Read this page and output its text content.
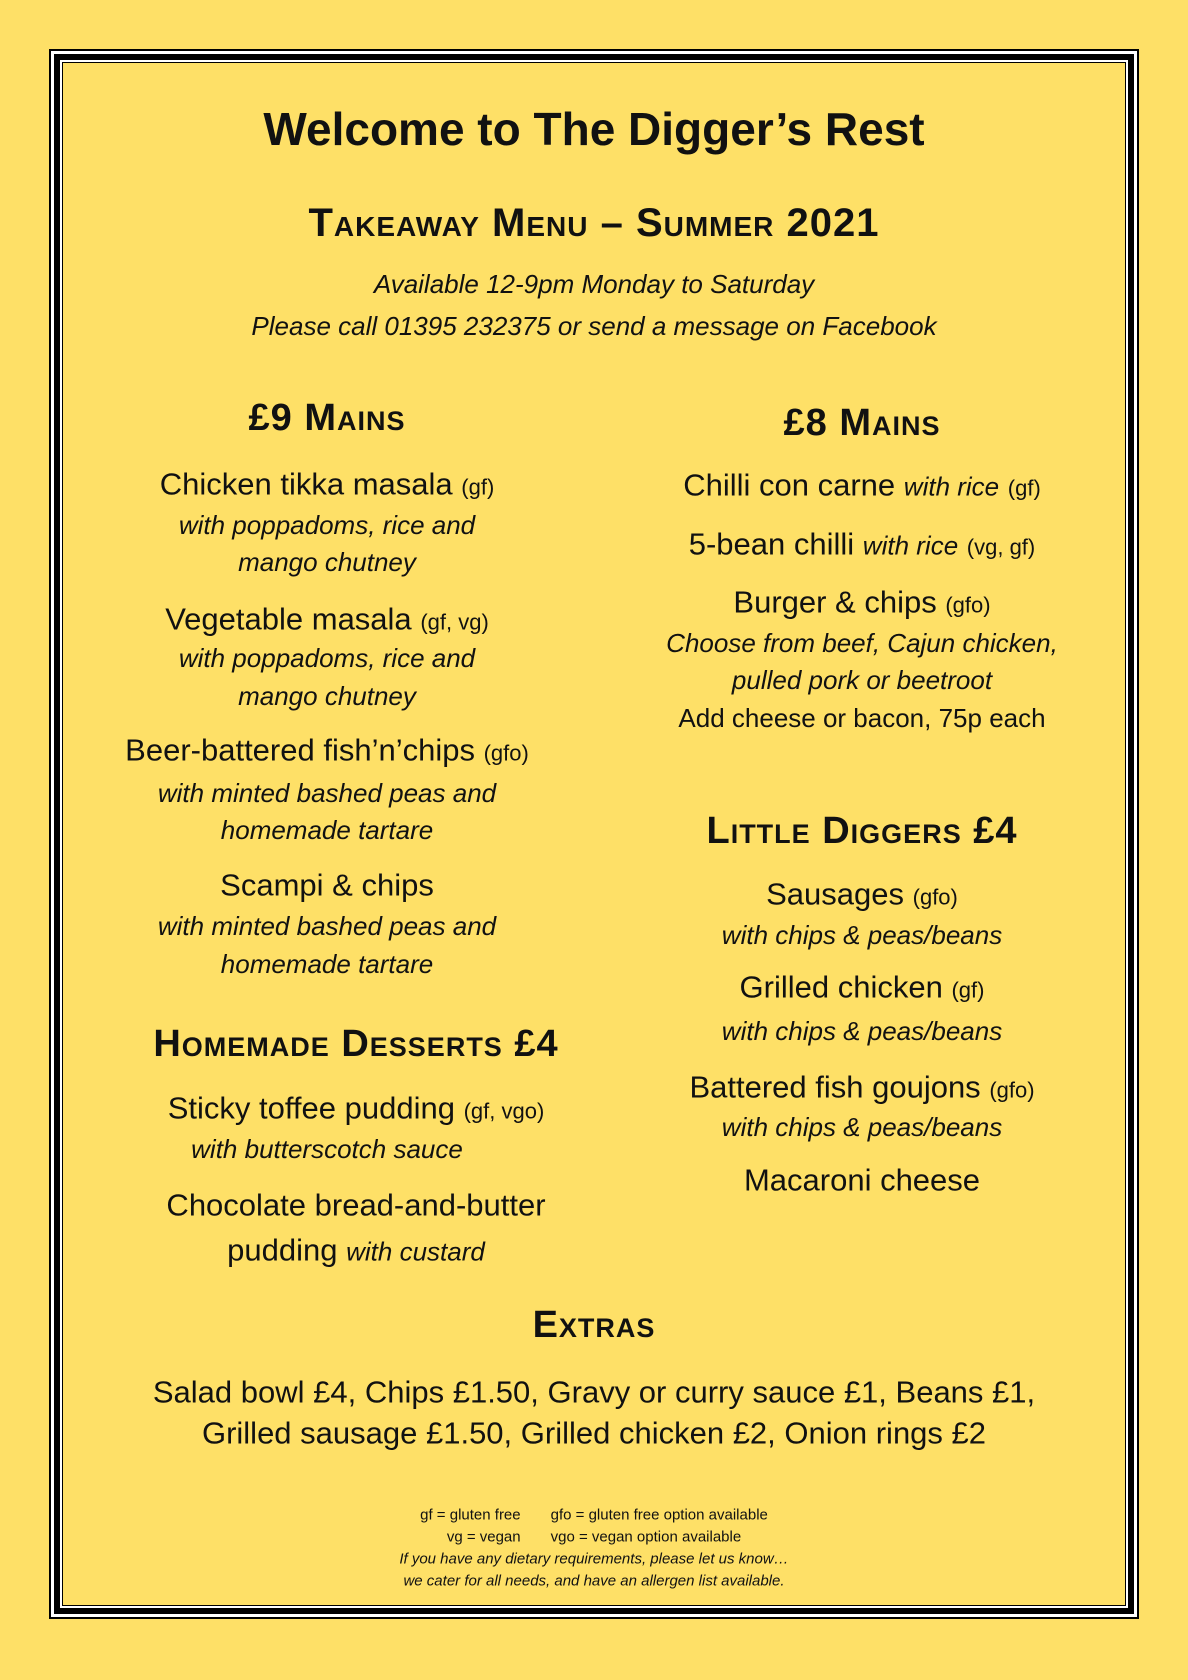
Welcome to The Digger’s Rest
Takeaway Menu – Summer 2021
Available 12-9pm Monday to Saturday
Please call 01395 232375 or send a message on Facebook
£9 Mains
Chicken tikka masala (gf)
with poppadoms, rice and
mango chutney
Vegetable masala (gf, vg)
with poppadoms, rice and
mango chutney
Beer-battered fish’n’chips (gfo)
with minted bashed peas and
homemade tartare
Scampi & chips
with minted bashed peas and
homemade tartare
Homemade Desserts £4
Sticky toffee pudding (gf, vgo)
with butterscotch sauce
Chocolate bread-and-butter
pudding with custard
£8 Mains
Chilli con carne with rice (gf)
5-bean chilli with rice (vg, gf)
Burger & chips (gfo)
Choose from beef, Cajun chicken,
pulled pork or beetroot
Add cheese or bacon, 75p each
Little Diggers £4
Sausages (gfo)
with chips & peas/beans
Grilled chicken (gf)
with chips & peas/beans
Battered fish goujons (gfo)
with chips & peas/beans
Macaroni cheese
Extras
Salad bowl £4, Chips £1.50, Gravy or curry sauce £1, Beans £1,
Grilled sausage £1.50, Grilled chicken £2, Onion rings £2
gf = gluten free  gfo = gluten free option available
vg = vegan  vgo = vegan option available
If you have any dietary requirements, please let us know…
we cater for all needs, and have an allergen list available.
